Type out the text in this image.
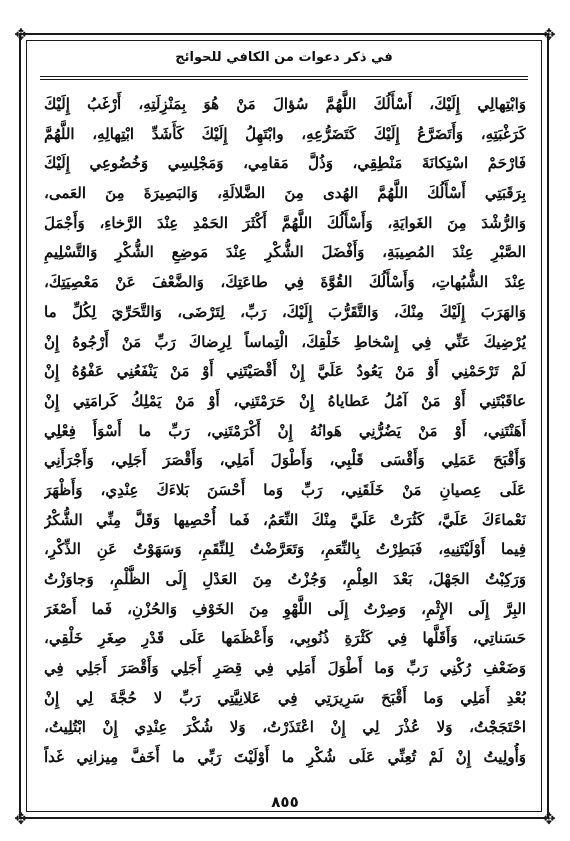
✥	✥
✥	✥
في ذكر دعوات من الكافي للحوائج
وَابْتِهالِي إِلَيْكَ، أَسْأَلُكَ اللَّهُمَّ سُؤالَ مَنْ هُوَ بِمَنْزِلَتِهِ، أَرْغَبُ إِلَيْكَ
كَرَغْبَتِهِ، وَأَتَضَرَّعُ إِلَيْكَ كَتَضَرُّعِهِ، وابْتَهِلُ إِلَيْكَ كَأَشَدِّ ابْتِهالِهِ، اللَّهُمَّ
فَارْحَمْ اسْتِكانَةَ مَنْطِقِي، وَذُلَّ مَقامِي، وَمَجْلِسِي وَخُضُوعِي إِلَيْكَ
بِرَقَبَتِي أَسْأَلُكَ اللَّهُمَّ الهُدى مِنَ الضَّلالَةِ، وَالبَصِيرَةَ مِنَ العَمى،
وَالرُّشْدَ مِنَ الغَوايَةِ، وَأَسْأَلُكَ اللَّهُمَّ أَكْثَرَ الحَمْدِ عِنْدَ الرَّخاءِ، وَأَجْمَلَ
الصَّبْرِ عِنْدَ المُصِيبَةِ، وَأَفْضَلَ الشُّكْرِ عِنْدَ مَوضِعِ الشُّكْرِ وَالتَّسْلِيمِ
عِنْدَ الشُّبُهاتِ، وَأَسْأَلُكَ القُوَّةَ فِي طاعَتِكَ، وَالضَّعْفَ عَنْ مَعْصِيَتِكَ،
وَالهَرَبَ إِلَيْكَ مِنْكَ، وَالتَّقَرُّبَ إِلَيْكَ، رَبِّ، لِتَرْضَى، وَالتَّحَرِّيَ لِكُلِّ ما
يُرْضِيكَ عَنِّي فِي إِسْخاطِ خَلْقِكَ، الْتِماساً لِرِضاكَ رَبِّ مَنْ أَرْجُوهُ إِنْ
لَمْ تَرْحَمْنِي أَوْ مَنْ يَعُودُ عَلَيَّ إِنْ أَقْصَيْتَنِي أَوْ مَنْ يَنْفَعُنِي عَفْوُهُ إِنْ
عاقَبْتَنِي أَوْ مَنْ آمُلُ عَطاياهُ إِنْ حَرَمْتَنِي، أَوْ مَنْ يَمْلِكُ كَرامَتِي إِنْ
أَهَنْتَنِي، أَوْ مَنْ يَضُرُّنِي هَوانُهُ إِنْ أَكْرَمْتَنِي، رَبِّ ما أَسْوَأَ فِعْلِي
وَأَقْبَحَ عَمَلِي وَأَقْسَى قَلْبِي، وَأَطْوَلَ أَمَلِي، وَأَقْصَرَ أَجَلِي، وَأَجْرَأَنِي
عَلَى عِصيانِ مَنْ خَلَقَنِي، رَبِّ وَما أَحْسَنَ بَلاءَكَ عِنْدِي، وَأَظْهَرَ
نَعْماءَكَ عَلَيَّ، كَثُرَتْ عَلَيَّ مِنْكَ النِّعَمُ، فَما أُحْصِيها وَقَلَّ مِنِّي الشُّكْرُ
فِيما أَوْلَيْتَنِيهِ، فَبَطِرْتُ بِالنِّعَمِ، وَتَعَرَّضْتُ لِلنِّقَمِ، وَسَهَوْتُ عَنِ الذِّكْرِ،
وَرَكِبْتُ الجَهْلَ، بَعْدَ العِلْمِ، وَجُزْتُ مِنَ العَدْلِ إِلَى الظُّلْمِ، وَجاوَزْتُ
البِرَّ إِلَى الإِثْمِ، وَصِرْتُ إِلَى اللَّهْوِ مِنَ الخَوْفِ وَالحُزْنِ، فَما أَصْغَرَ
حَسَناتِي، وَأَقَلَّها فِي كَثْرَةِ ذُنُوبِي، وَأَعْظَمَها عَلَى قَدْرِ صِغَرِ خَلْقِي،
وَضَعْفِ رُكْنِي رَبِّ وَما أَطْوَلَ أَمَلِي فِي قِصَرِ أَجَلِي وَأَقْصَرَ أَجَلِي فِي
بُعْدِ أَمَلِي وَما أَقْبَحَ سَرِيرَتِي فِي عَلانِيَّتِي رَبِّ لا حُجَّةَ لِي إِنْ
احْتَجَجْتُ، وَلا عُذْرَ لِي إِنْ اعْتَذَرْتُ، وَلا شُكْرَ عِنْدِي إِنْ ابْتُلِيتُ،
وَأُولِيتُ إِنْ لَمْ تُعِنِّي عَلَى شُكْرِ ما أَوْلَيْتَ رَبِّي ما أَخَفَّ مِيزانِي غَداً
٨٥٥
